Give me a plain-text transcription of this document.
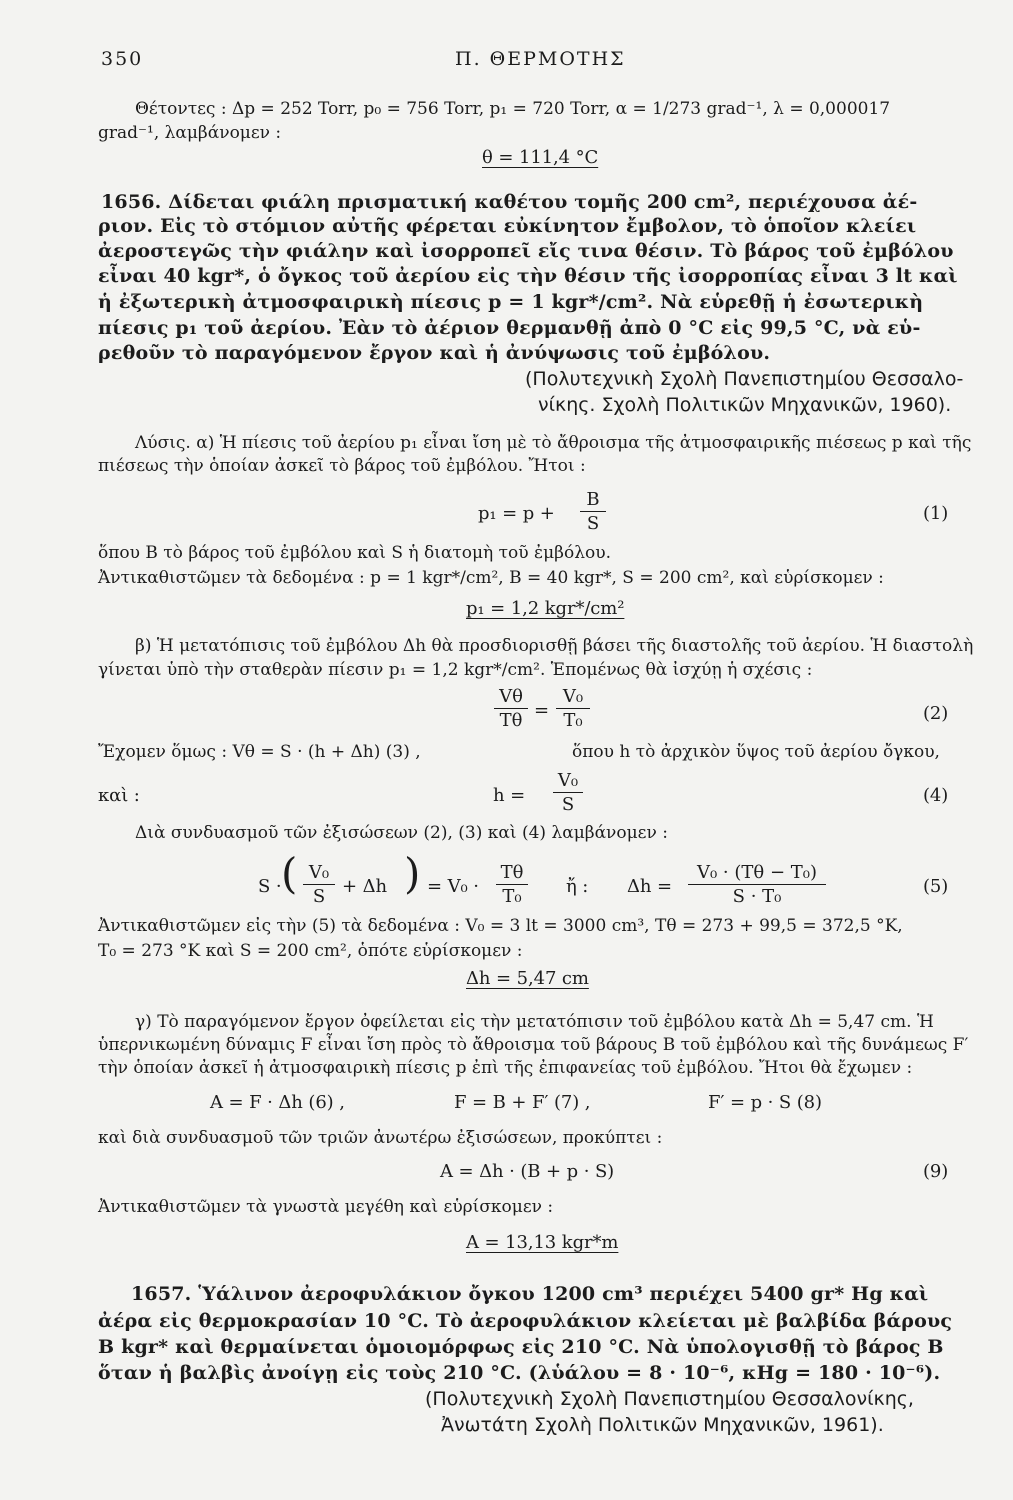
350	Π. ΘΕΡΜΟΤΗΣ
Θέτοντες : Δp = 252 Torr, p₀ = 756 Torr, p₁ = 720 Torr, α = 1/273 grad⁻¹, λ = 0,000017
grad⁻¹, λαμβάνομεν :
θ = 111,4 °C
1656. Δίδεται φιάλη πρισματική καθέτου τομῆς 200 cm², περιέχουσα ἀέ-
ριον. Εἰς τὸ στόμιον αὐτῆς φέρεται εὐκίνητον ἔμβολον, τὸ ὁποῖον κλείει
ἀεροστεγῶς τὴν φιάλην καὶ ἰσορροπεῖ εἴς τινα θέσιν. Τὸ βάρος τοῦ ἐμβόλου
εἶναι 40 kgr*, ὁ ὄγκος τοῦ ἀερίου εἰς τὴν θέσιν τῆς ἰσορροπίας εἶναι 3 lt καὶ
ἡ ἐξωτερικὴ ἀτμοσφαιρικὴ πίεσις p = 1 kgr*/cm². Νὰ εὑρεθῇ ἡ ἐσωτερικὴ
πίεσις p₁ τοῦ ἀερίου. Ἐὰν τὸ ἀέριον θερμανθῇ ἀπὸ 0 °C εἰς 99,5 °C, νὰ εὑ-
ρεθοῦν τὸ παραγόμενον ἔργον καὶ ἡ ἀνύψωσις τοῦ ἐμβόλου.
(Πολυτεχνικὴ Σχολὴ Πανεπιστημίου Θεσσαλο-
νίκης. Σχολὴ Πολιτικῶν Μηχανικῶν, 1960).
Λύσις. α) Ἡ πίεσις τοῦ ἀερίου p₁ εἶναι ἴση μὲ τὸ ἄθροισμα τῆς ἀτμοσφαιρικῆς πιέσεως p καὶ τῆς
πιέσεως τὴν ὁποίαν ἀσκεῖ τὸ βάρος τοῦ ἐμβόλου. Ἤτοι :
$p_1 = p + \frac{B}{S}$	(1)
ὅπου B τὸ βάρος τοῦ ἐμβόλου καὶ S ἡ διατομὴ τοῦ ἐμβόλου.
Ἀντικαθιστῶμεν τὰ δεδομένα : p = 1 kgr*/cm², B = 40 kgr*, S = 200 cm², καὶ εὑρίσκομεν :
p₁ = 1,2 kgr*/cm²
β) Ἡ μετατόπισις τοῦ ἐμβόλου Δh θὰ προσδιορισθῇ βάσει τῆς διαστολῆς τοῦ ἀερίου. Ἡ διαστολὴ
γίνεται ὑπὸ τὴν σταθερὰν πίεσιν p₁ = 1,2 kgr*/cm². Ἑπομένως θὰ ἰσχύῃ ἡ σχέσις :
$\frac{V\theta}{T\theta} = \frac{\text{V₀}}{\text{T₀}}$	(2)
Ἔχομεν ὅμως : Vθ = S · (h + Δh) (3) ,	ὅπου h τὸ ἀρχικὸν ὕψος τοῦ ἀερίου ὄγκου,
καὶ :	$h = \frac{\text{V₀}}{S}$	(4)
Διὰ συνδυασμοῦ τῶν ἐξισώσεων (2), (3) καὶ (4) λαμβάνομεν :
S · ( $\frac{\text{V₀}}{S} + \Delta h$ ) = $V_0 \cdot \frac{T\theta}{\text{T₀}}$ ἤ : $\Delta h = \frac{\text{V₀ · (Tθ − T₀)}}{\text{S · T₀}}$	(5)
Ἀντικαθιστῶμεν εἰς τὴν (5) τὰ δεδομένα : V₀ = 3 lt = 3000 cm³, Tθ = 273 + 99,5 = 372,5 °K,
T₀ = 273 °K καὶ S = 200 cm², ὁπότε εὑρίσκομεν :
Δh = 5,47 cm
γ) Τὸ παραγόμενον ἔργον ὀφείλεται εἰς τὴν μετατόπισιν τοῦ ἐμβόλου κατὰ Δh = 5,47 cm. Ἡ
ὑπερνικωμένη δύναμις F εἶναι ἴση πρὸς τὸ ἄθροισμα τοῦ βάρους B τοῦ ἐμβόλου καὶ τῆς δυνάμεως F′
τὴν ὁποίαν ἀσκεῖ ἡ ἀτμοσφαιρικὴ πίεσις p ἐπὶ τῆς ἐπιφανείας τοῦ ἐμβόλου. Ἤτοι θὰ ἔχωμεν :
A = F · Δh (6) ,	F = B + F′ (7) ,	F′ = p · S (8)
καὶ διὰ συνδυασμοῦ τῶν τριῶν ἀνωτέρω ἐξισώσεων, προκύπτει :
A = Δh · (B + p · S)	(9)
Ἀντικαθιστῶμεν τὰ γνωστὰ μεγέθη καὶ εὑρίσκομεν :
A = 13,13 kgr*m
1657. Ὑάλινον ἀεροφυλάκιον ὄγκου 1200 cm³ περιέχει 5400 gr* Hg καὶ
ἀέρα εἰς θερμοκρασίαν 10 °C. Τὸ ἀεροφυλάκιον κλείεται μὲ βαλβίδα βάρους
B kgr* καὶ θερμαίνεται ὁμοιομόρφως εἰς 210 °C. Νὰ ὑπολογισθῇ τὸ βάρος B
ὅταν ἡ βαλβὶς ἀνοίγῃ εἰς τοὺς 210 °C. (λὑάλου = 8 · 10⁻⁶, κHg = 180 · 10⁻⁶).
(Πολυτεχνικὴ Σχολὴ Πανεπιστημίου Θεσσαλονίκης,
Ἀνωτάτη Σχολὴ Πολιτικῶν Μηχανικῶν, 1961).
